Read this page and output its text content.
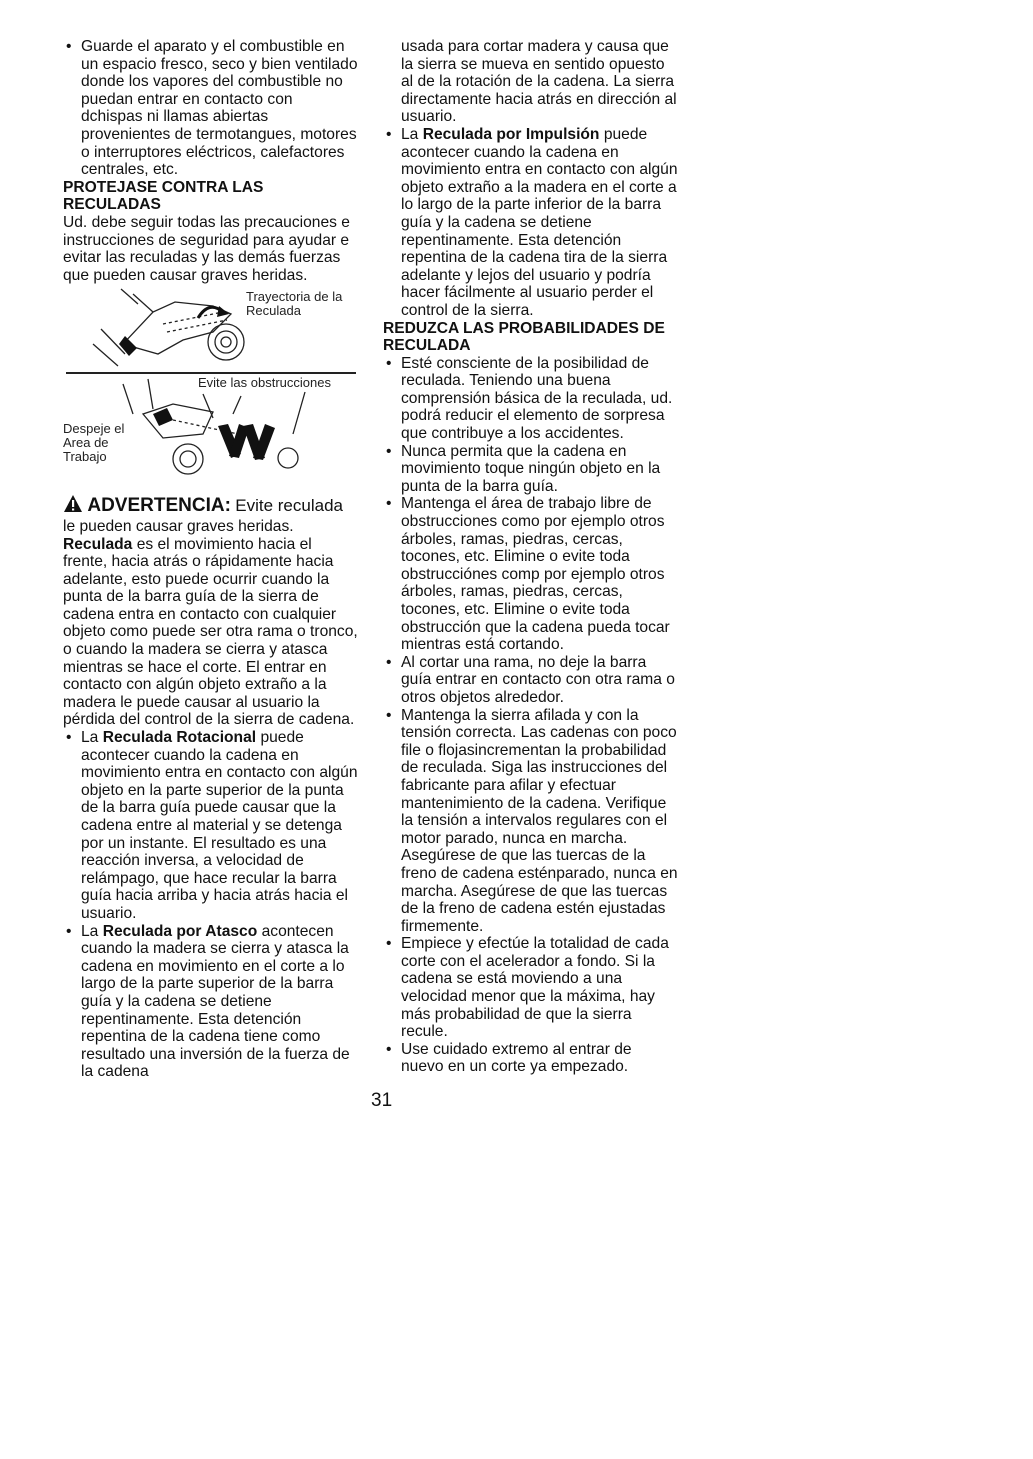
• Guarde el aparato y el combustible en un espacio fresco, seco y bien ventilado donde los vapores del combustible no puedan entrar en contacto con dchispas ni llamas abiertas provenientes de termotangues, motores o interruptores eléctricos, calefactores centrales, etc.

PROTEJASE CONTRA LAS RECULADAS

Ud. debe seguir todas las precauciones e instrucciones de seguridad para ayudar e evitar las reculadas y las demás fuerzas que pueden causar graves heridas.

Trayectoria de la Reculada
Evite las obstrucciones
Despeje el Area de Trabajo

ADVERTENCIA: Evite reculada le pueden causar graves heridas. Reculada es el movimiento hacia el frente, hacia atrás o rápidamente hacia adelante, esto puede ocurrir cuando la punta de la barra guía de la sierra de cadena entra en contacto con cualquier objeto como puede ser otra rama o tronco, o cuando la madera se cierra y atasca mientras se hace el corte. El entrar en contacto con algún objeto extraño a la madera le puede causar al usuario la pérdida del control de la sierra de cadena.

• La Reculada Rotacional puede acontecer cuando la cadena en movimiento entra en contacto con algún objeto en la parte superior de la punta de la barra guía puede causar que la cadena entre al material y se detenga por un instante. El resultado es una reacción inversa, a velocidad de relámpago, que hace recular la barra guía hacia arriba y hacia atrás hacia el usuario.

• La Reculada por Atasco acontecen cuando la madera se cierra y atasca la cadena en movimiento en el corte a lo largo de la parte superior de la barra guía y la cadena se detiene repentinamente. Esta detención repentina de la cadena tiene como resultado una inversión de la fuerza de la cadena

usada para cortar madera y causa que la sierra se mueva en sentido opuesto al de la rotación de la cadena. La sierra directamente hacia atrás en dirección al usuario.

• La Reculada por Impulsión puede acontecer cuando la cadena en movimiento entra en contacto con algún objeto extraño a la madera en el corte a lo largo de la parte inferior de la barra guía y la cadena se detiene repentinamente. Esta detención repentina de la cadena tira de la sierra adelante y lejos del usuario y podría hacer fácilmente al usuario perder el control de la sierra.

REDUZCA LAS PROBABILIDADES DE RECULADA

• Esté consciente de la posibilidad de reculada. Teniendo una buena comprensión básica de la reculada, ud. podrá reducir el elemento de sorpresa que contribuye a los accidentes.

• Nunca permita que la cadena en movimiento toque ningún objeto en la punta de la barra guía.

• Mantenga el área de trabajo libre de obstrucciones como por ejemplo otros árboles, ramas, piedras, cercas, tocones, etc. Elimine o evite toda obstrucciónes comp por ejemplo otros árboles, ramas, piedras, cercas, tocones, etc. Elimine o evite toda obstrucción que la cadena pueda tocar mientras está cortando.

• Al cortar una rama, no deje la barra guía entrar en contacto con otra rama o otros objetos alrededor.

• Mantenga la sierra afilada y con la tensión correcta. Las cadenas con poco file o flojasincrementan la probabilidad de reculada. Siga las instrucciones del fabricante para afilar y efectuar mantenimiento de la cadena. Verifique la tensión a intervalos regulares con el motor parado, nunca en marcha. Asegúrese de que las tuercas de la freno de cadena esténparado, nunca en marcha. Asegúrese de que las tuercas de la freno de cadena estén ejustadas firmemente.

• Empiece y efectúe la totalidad de cada corte con el acelerador a fondo. Si la cadena se está moviendo a una velocidad menor que la máxima, hay más probabilidad de que la sierra recule.

• Use cuidado extremo al entrar de nuevo en un corte ya empezado.

31
